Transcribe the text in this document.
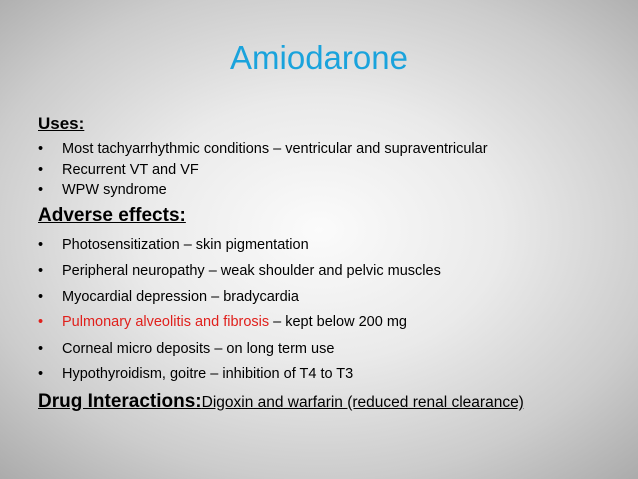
Amiodarone
Uses:
• Most tachyarrhythmic conditions – ventricular and supraventricular
• Recurrent VT and VF
• WPW syndrome
Adverse effects:
• Photosensitization – skin pigmentation
• Peripheral neuropathy – weak shoulder and pelvic muscles
• Myocardial depression – bradycardia
• Pulmonary alveolitis and fibrosis – kept below 200 mg
• Corneal micro deposits – on long term use
• Hypothyroidism, goitre – inhibition of T4 to T3
Drug Interactions:Digoxin and warfarin (reduced renal clearance)
